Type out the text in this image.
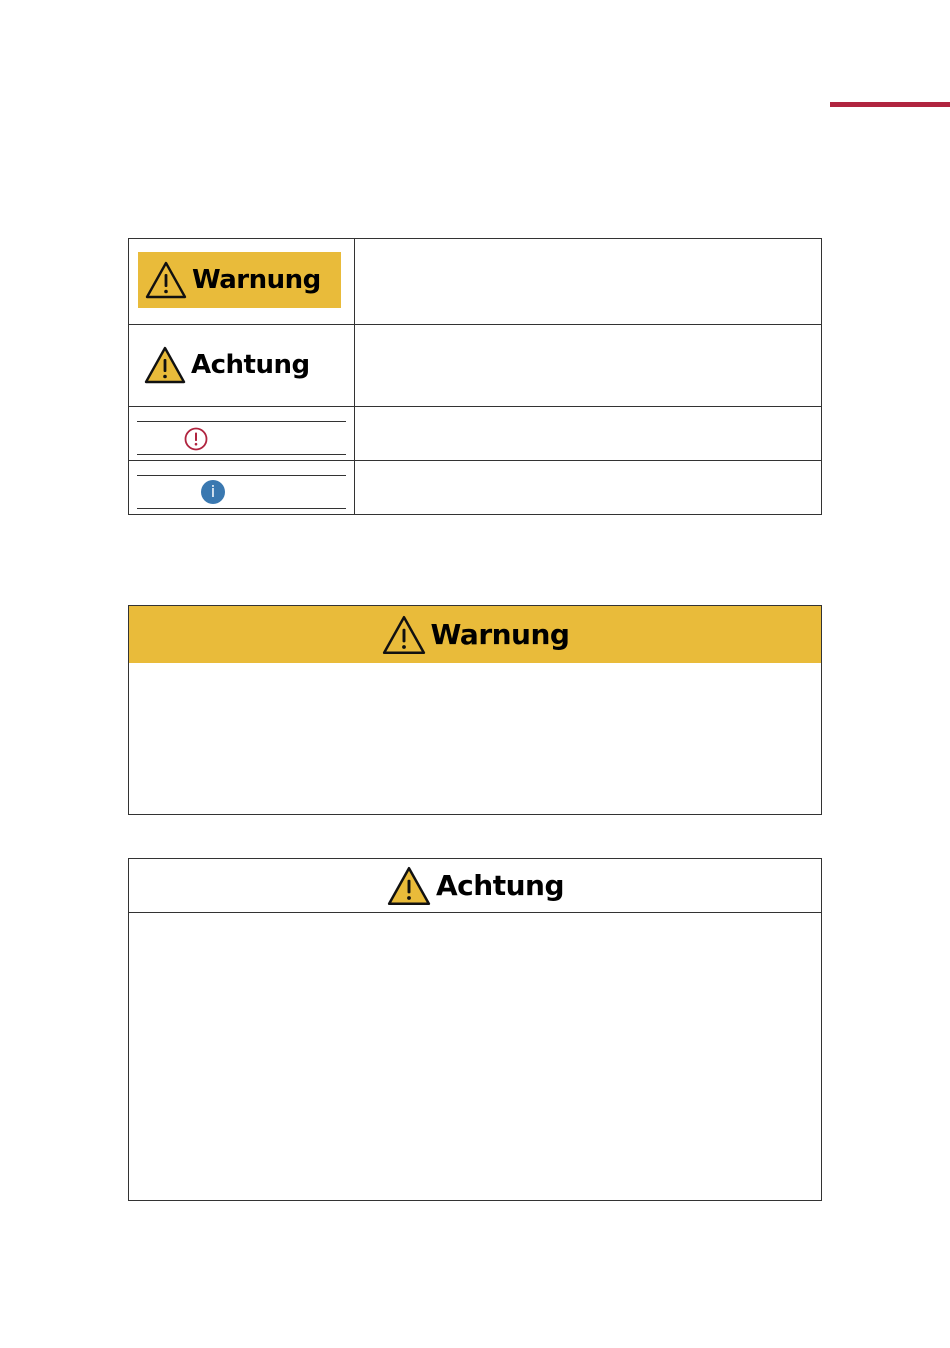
Warnung	

Achtung	

i	

Warnung
Achtung
